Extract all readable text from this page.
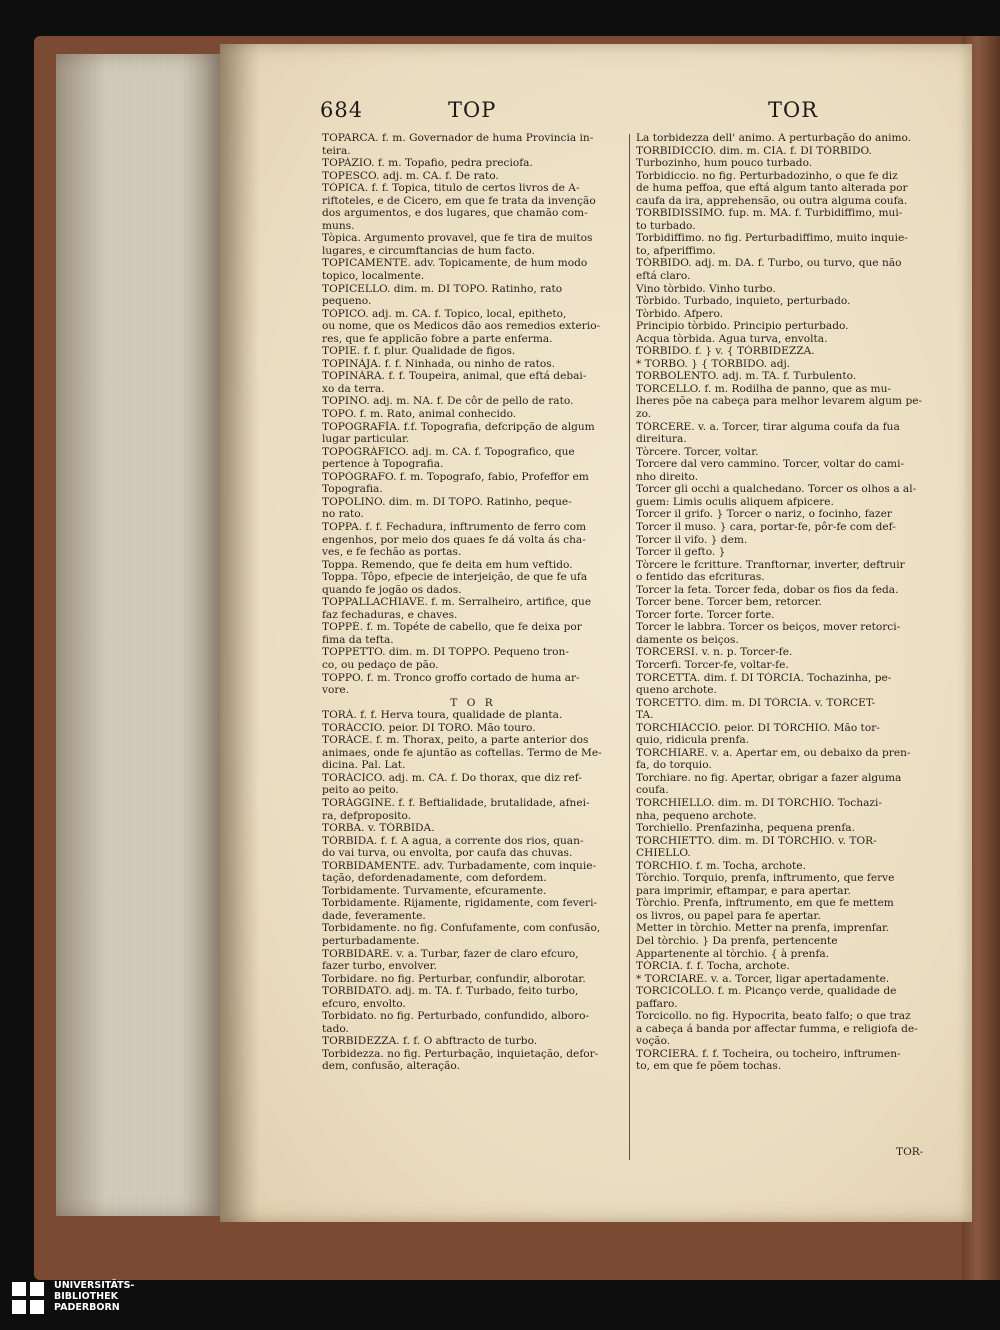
684	TOP	TOR
TOPARCA. f. m. Governador de huma Provincia in-
teira.
TOPÀZIO. f. m. Topafio, pedra preciofa.
TOPESCO. adj. m. CA. f. De rato.
TÒPICA. f. f. Topica, titulo de certos livros de A-
riftoteles, e de Cicero, em que fe trata da invenção
dos argumentos, e dos lugares, que chamão com-
muns.
Tòpica. Argumento provavel, que fe tira de muitos
lugares, e circumftancias de hum facto.
TOPICAMENTE. adv. Topicamente, de hum modo
topico, localmente.
TOPICELLO. dim. m. DI TOPO. Ratinho, rato
pequeno.
TÒPICO. adj. m. CA. f. Topico, local, epitheto,
ou nome, que os Medicos dão aos remedios exterio-
res, que fe applicão fobre a parte enferma.
TOPIE. f. f. plur. Qualidade de figos.
TOPINÀJA. f. f. Ninhada, ou ninho de ratos.
TOPINÀRA. f. f. Toupeira, animal, que eftá debai-
xo da terra.
TOPINO. adj. m. NA. f. De côr de pello de rato.
TOPO. f. m. Rato, animal conhecido.
TOPOGRAFÌA. f.f. Topografia, defcripção de algum
lugar particular.
TOPOGRÀFICO. adj. m. CA. f. Topografico, que
pertence à Topografia.
TOPÒGRAFO. f. m. Topografo, fabio, Profeffor em
Topografia.
TOPOLINO. dim. m. DI TOPO. Ratinho, peque-
no rato.
TOPPA. f. f. Fechadura, inftrumento de ferro com
engenhos, por meio dos quaes fe dá volta ás cha-
ves, e fe fechão as portas.
Toppa. Remendo, que fe deita em hum veftido.
Toppa. Tôpo, efpecie de interjeição, de que fe ufa
quando fe jogão os dados.
TOPPALLACHIAVE. f. m. Serralheiro, artifice, que
faz fechaduras, e chaves.
TOPPÈ. f. m. Topéte de cabello, que fe deixa por
fima da tefta.
TOPPETTO. dim. m. DI TOPPO. Pequeno tron-
co, ou pedaço de pão.
TOPPO. f. m. Tronco groffo cortado de huma ar-
vore.
T O R
TORÀ. f. f. Herva toura, qualidade de planta.
TORÀCCIO. peior. DI TORO. Mão touro.
TORÀCE. f. m. Thorax, peito, a parte anterior dos
animaes, onde fe ajuntão as coftellas. Termo de Me-
dicina. Pal. Lat.
TORÀCICO. adj. m. CA. f. Do thorax, que diz ref-
peito ao peito.
TORÀGGINE. f. f. Beftialidade, brutalidade, afnei-
ra, defproposito.
TORBA. v. TÒRBIDA.
TÒRBIDA. f. f. A agua, a corrente dos rios, quan-
do vai turva, ou envolta, por caufa das chuvas.
TORBIDAMENTE. adv. Turbadamente, com inquie-
tação, defordenadamente, com defordem.
Torbidamente. Turvamente, efcuramente.
Torbidamente. Rijamente, rigidamente, com feveri-
dade, feveramente.
Torbidamente. no fig. Confufamente, com confusão,
perturbadamente.
TORBIDARE. v. a. Turbar, fazer de claro efcuro,
fazer turbo, envolver.
Torbidare. no fig. Perturbar, confundir, alborotar.
TORBIDATO. adj. m. TA. f. Turbado, feito turbo,
efcuro, envolto.
Torbidato. no fig. Perturbado, confundido, alboro-
tado.
TORBIDEZZA. f. f. O abftracto de turbo.
Torbidezza. no fig. Perturbação, inquietação, defor-
dem, confusão, alteração.
La torbidezza dell' animo. A perturbação do animo.
TORBIDICCIO. dim. m. CIA. f. DI TÒRBIDO.
Turbozinho, hum pouco turbado.
Torbidiccio. no fig. Perturbadozinho, o que fe diz
de huma peffoa, que eftá algum tanto alterada por
caufa da ira, apprehensão, ou outra alguma coufa.
TORBIDISSIMO. fup. m. MA. f. Turbidiffimo, mui-
to turbado.
Torbidiffimo. no fig. Perturbadiffimo, muito inquie-
to, afperiffimo.
TÒRBIDO. adj. m. DA. f. Turbo, ou turvo, que não
eftá claro.
Vino tòrbido. Vinho turbo.
Tòrbido. Turbado, inquieto, perturbado.
Tòrbido. Afpero.
Principio tòrbido. Principio perturbado.
Acqua tòrbida. Agua turva, envolta.
TÒRBIDO. f. } v. { TÒRBIDEZZA.
* TORBO. } { TÒRBIDO. adj.
TORBOLENTO. adj. m. TA. f. Turbulento.
TORCELLO. f. m. Rodilha de panno, que as mu-
lheres põe na cabeça para melhor levarem algum pe-
zo.
TÒRCERE. v. a. Torcer, tirar alguma coufa da fua
direitura.
Tòrcere. Torcer, voltar.
Torcere dal vero cammino. Torcer, voltar do cami-
nho direito.
Torcer gli occhi a qualchedano. Torcer os olhos a al-
guem: Limis oculis aliquem afpicere.
Torcer il grifo. } Torcer o nariz, o focinho, fazer
Torcer il muso. } cara, portar-fe, pôr-fe com def-
Torcer il vifo. } dem.
Torcer il gefto. }
Tòrcere le fcritture. Tranftornar, inverter, deftruir
o fentido das efcrituras.
Torcer la feta. Torcer feda, dobar os fios da feda.
Torcer bene. Torcer bem, retorcer.
Torcer forte. Torcer forte.
Torcer le labbra. Torcer os beiços, mover retorci-
damente os beiços.
TORCERSI. v. n. p. Torcer-fe.
Torcerfi. Torcer-fe, voltar-fe.
TORCETTA. dim. f. DI TÒRCIA. Tochazinha, pe-
queno archote.
TORCETTO. dim. m. DI TÒRCIA. v. TORCET-
TA.
TORCHIÀCCIO. peior. DI TÒRCHIO. Mão tor-
quio, ridicula prenfa.
TORCHIARE. v. a. Apertar em, ou debaixo da pren-
fa, do torquio.
Torchiare. no fig. Apertar, obrigar a fazer alguma
coufa.
TORCHIELLO. dim. m. DI TÒRCHIO. Tochazi-
nha, pequeno archote.
Torchiello. Prenfazinha, pequena prenfa.
TORCHIETTO. dim. m. DI TÒRCHIO. v. TOR-
CHIELLO.
TÒRCHIO. f. m. Tocha, archote.
Tòrchio. Torquio, prenfa, inftrumento, que ferve
para imprimir, eftampar, e para apertar.
Tòrchio. Prenfa, inftrumento, em que fe mettem
os livros, ou papel para fe apertar.
Metter in tòrchio. Metter na prenfa, imprenfar.
Del tòrchio. } Da prenfa, pertencente
Appartenente al tòrchio. { à prenfa.
TÒRCIA. f. f. Tocha, archote.
* TORCIARE. v. a. Torcer, ligar apertadamente.
TORCICOLLO. f. m. Picanço verde, qualidade de
paffaro.
Torcicollo. no fig. Hypocrita, beato falfo; o que traz
a cabeça á banda por affectar fumma, e religiofa de-
voção.
TORCIERA. f. f. Tocheira, ou tocheiro, inftrumen-
to, em que fe põem tochas.
TOR-
UNIVERSITÄTS-
BIBLIOTHEK
PADERBORN
